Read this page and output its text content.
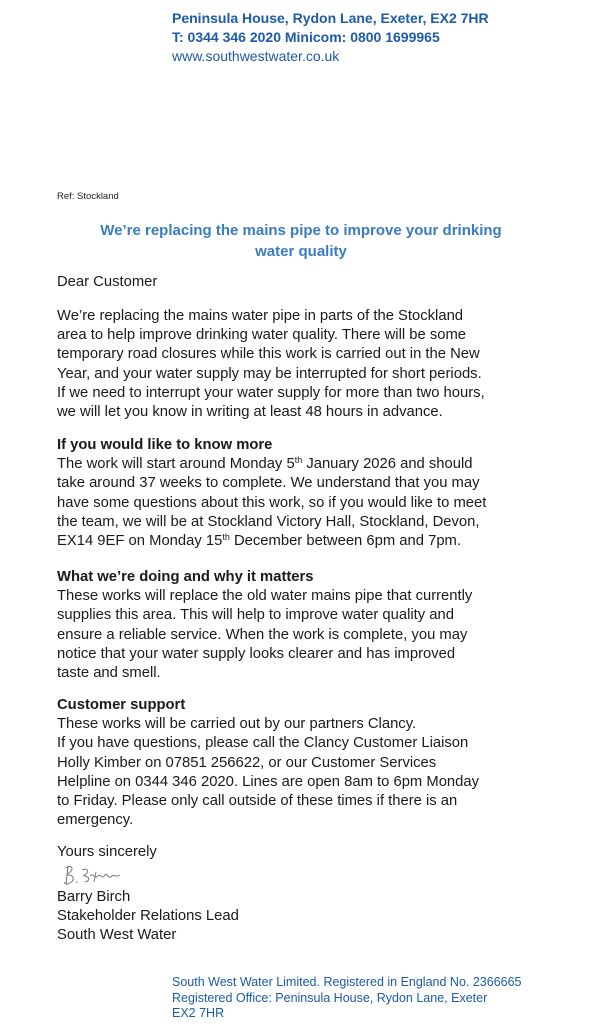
Peninsula House, Rydon Lane, Exeter, EX2 7HR
T: 0344 346 2020 Minicom: 0800 1699965
www.southwestwater.co.uk
Ref: Stockland
We’re replacing the mains pipe to improve your drinking
water quality
Dear Customer

We’re replacing the mains water pipe in parts of the Stockland

area to help improve drinking water quality. There will be some

temporary road closures while this work is carried out in the New

Year, and your water supply may be interrupted for short periods.

If we need to interrupt your water supply for more than two hours,

we will let you know in writing at least 48 hours in advance.

If you would like to know more

The work will start around Monday 5th January 2026 and should

take around 37 weeks to complete. We understand that you may

have some questions about this work, so if you would like to meet

the team, we will be at Stockland Victory Hall, Stockland, Devon,

EX14 9EF on Monday 15th December between 6pm and 7pm.

What we’re doing and why it matters

These works will replace the old water mains pipe that currently

supplies this area. This will help to improve water quality and

ensure a reliable service. When the work is complete, you may

notice that your water supply looks clearer and has improved

taste and smell.

Customer support

These works will be carried out by our partners Clancy.

If you have questions, please call the Clancy Customer Liaison

Holly Kimber on 07851 256622, or our Customer Services

Helpline on 0344 346 2020. Lines are open 8am to 6pm Monday

to Friday. Please only call outside of these times if there is an

emergency.

Yours sincerely

Barry Birch

Stakeholder Relations Lead

South West Water

South West Water Limited. Registered in England No. 2366665
Registered Office: Peninsula House, Rydon Lane, Exeter
EX2 7HR
